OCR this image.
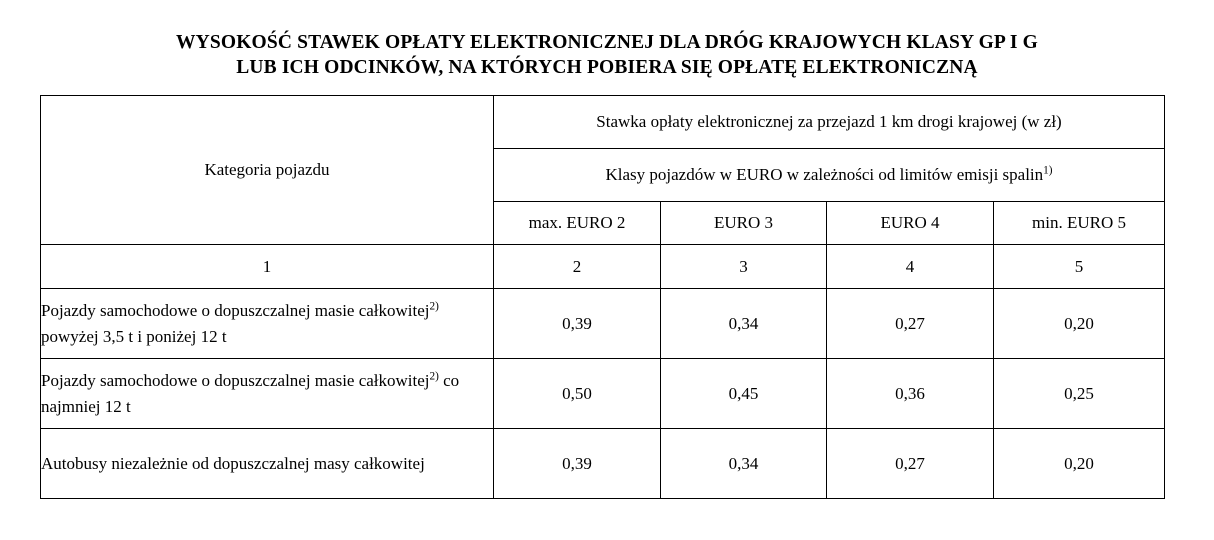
WYSOKOŚĆ STAWEK OPŁATY ELEKTRONICZNEJ DLA DRÓG KRAJOWYCH KLASY GP I G
LUB ICH ODCINKÓW, NA KTÓRYCH POBIERA SIĘ OPŁATĘ ELEKTRONICZNĄ
Kategoria pojazdu	Stawka opłaty elektronicznej za przejazd 1 km drogi krajowej (w zł)			
	Klasy pojazdów w EURO w zależności od limitów emisji spalin$^{1)}$
	max. EURO 2	EURO 3	EURO 4	min. EURO 5
1	2	3	4	5
Pojazdy samochodowe o dopuszczalnej masie całkowitej$^{2)}$ powyżej 3,5 t i poniżej 12 t	0,39	0,34	0,27	0,20
Pojazdy samochodowe o dopuszczalnej masie całkowitej$^{2)}$ co najmniej 12 t	0,50	0,45	0,36	0,25
Autobusy niezależnie od dopuszczalnej masy całkowitej	0,39	0,34	0,27	0,20
